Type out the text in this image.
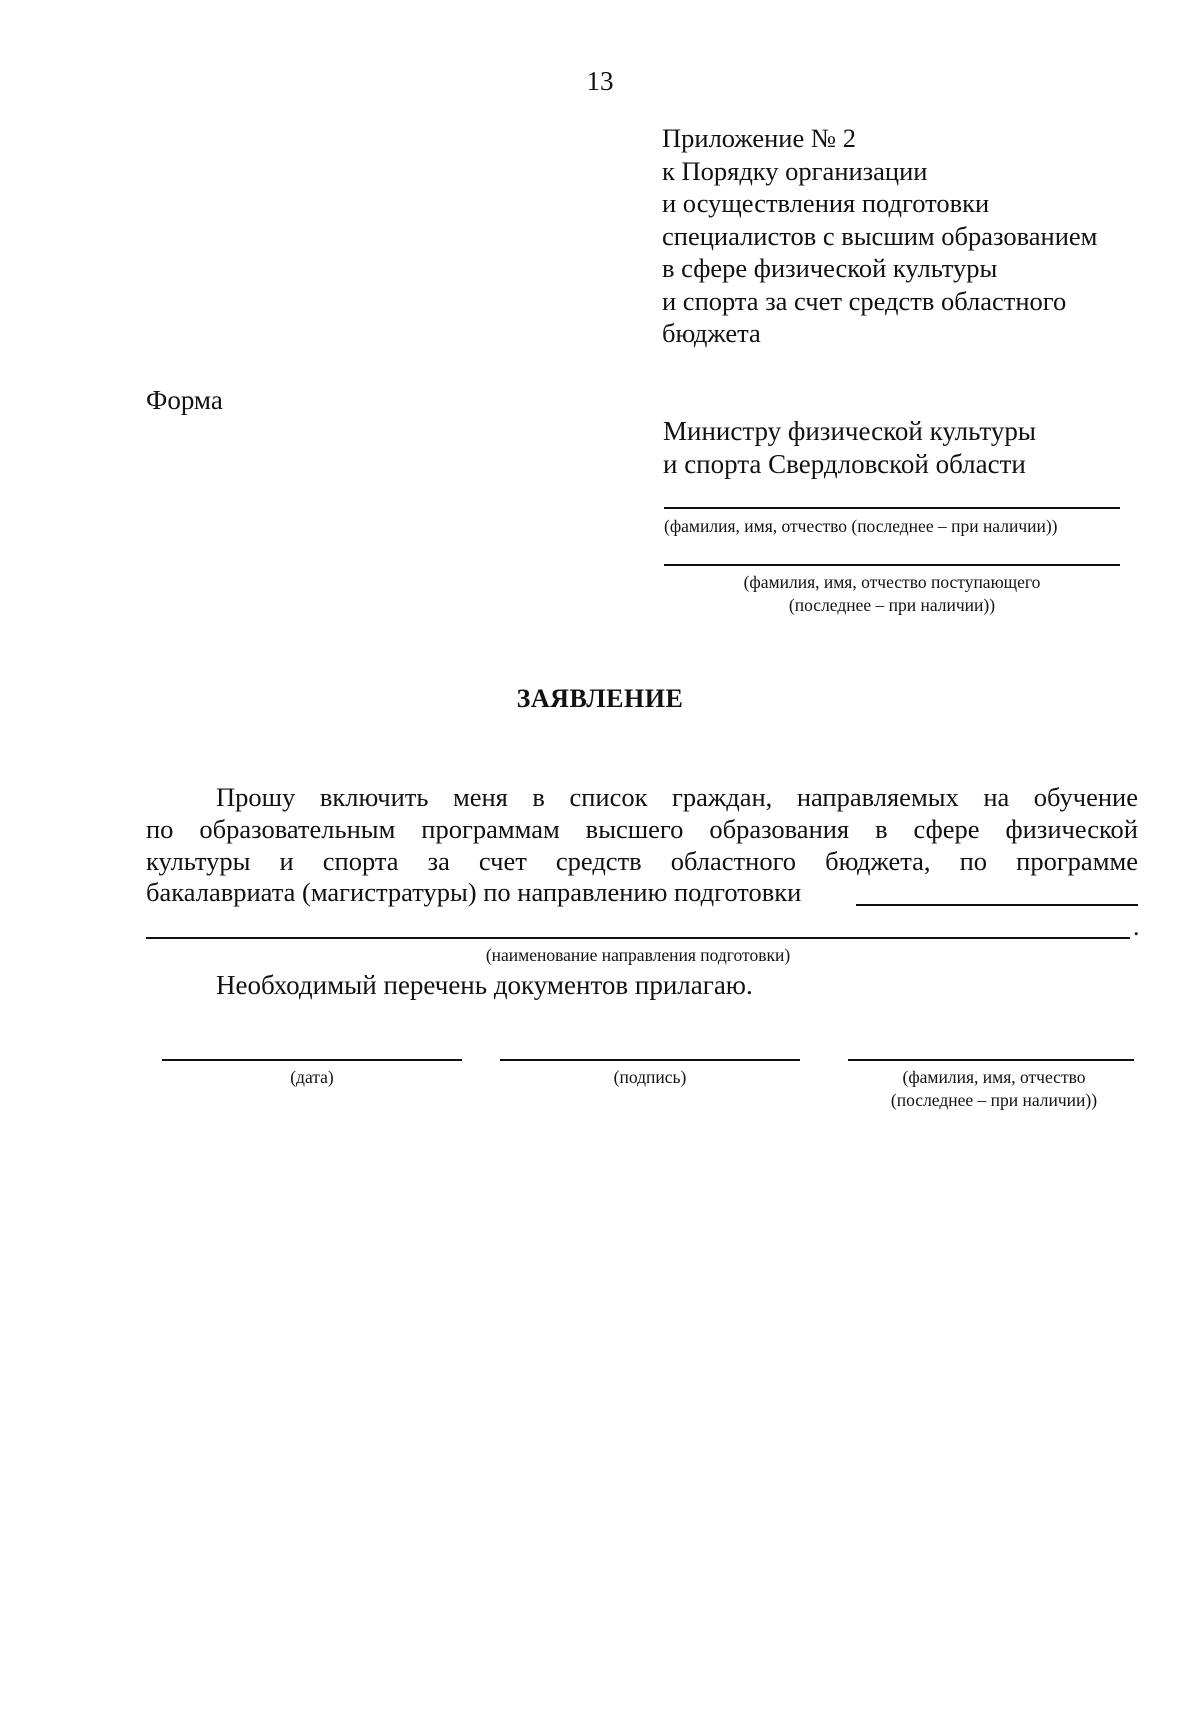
13
Приложение № 2
к Порядку организации
и осуществления подготовки
специалистов с высшим образованием
в сфере физической культуры
и спорта за счет средств областного
бюджета
Форма
Министру физической культуры
и спорта Свердловской области
(фамилия, имя, отчество (последнее – при наличии))
(фамилия, имя, отчество поступающего
(последнее – при наличии))
ЗАЯВЛЕНИЕ
Прошу включить меня в список граждан, направляемых на обучение
по образовательным программам высшего образования в сфере физической
культуры и спорта за счет средств областного бюджета, по программе
бакалавриата (магистратуры) по направлению подготовки
.
(наименование направления подготовки)
Необходимый перечень документов прилагаю.
(дата)	(подпись)	(фамилия, имя, отчество
(последнее – при наличии))
